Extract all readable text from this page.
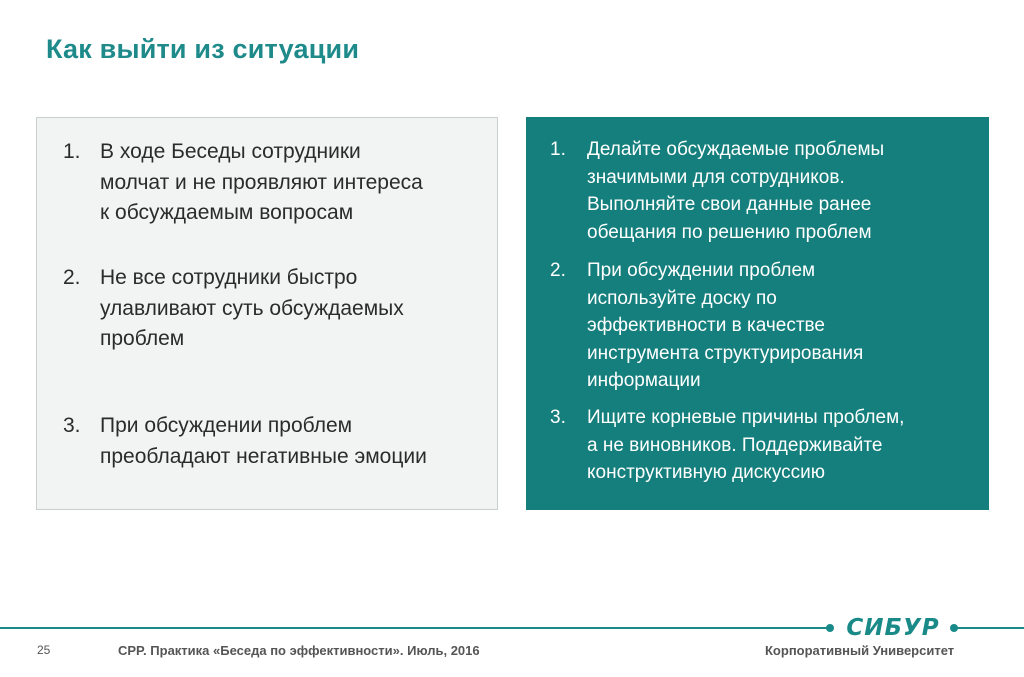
Как выйти из ситуации
1. В ходе Беседы сотрудники
молчат и не проявляют интереса
к обсуждаемым вопросам
2. Не все сотрудники быстро
улавливают суть обсуждаемых
проблем
3. При обсуждении проблем
преобладают негативные эмоции
1.	Делайте обсуждаемые проблемы
значимыми для сотрудников.
Выполняйте свои данные ранее
обещания по решению проблем
2.	При обсуждении проблем
используйте доску по
эффективности в качестве
инструмента структурирования
информации
3.	Ищите корневые причины проблем,
а не виновников. Поддерживайте
конструктивную дискуссию
СИБУР
25	CPP. Практика «Беседа по эффективности». Июль, 2016	Корпоративный Университет
